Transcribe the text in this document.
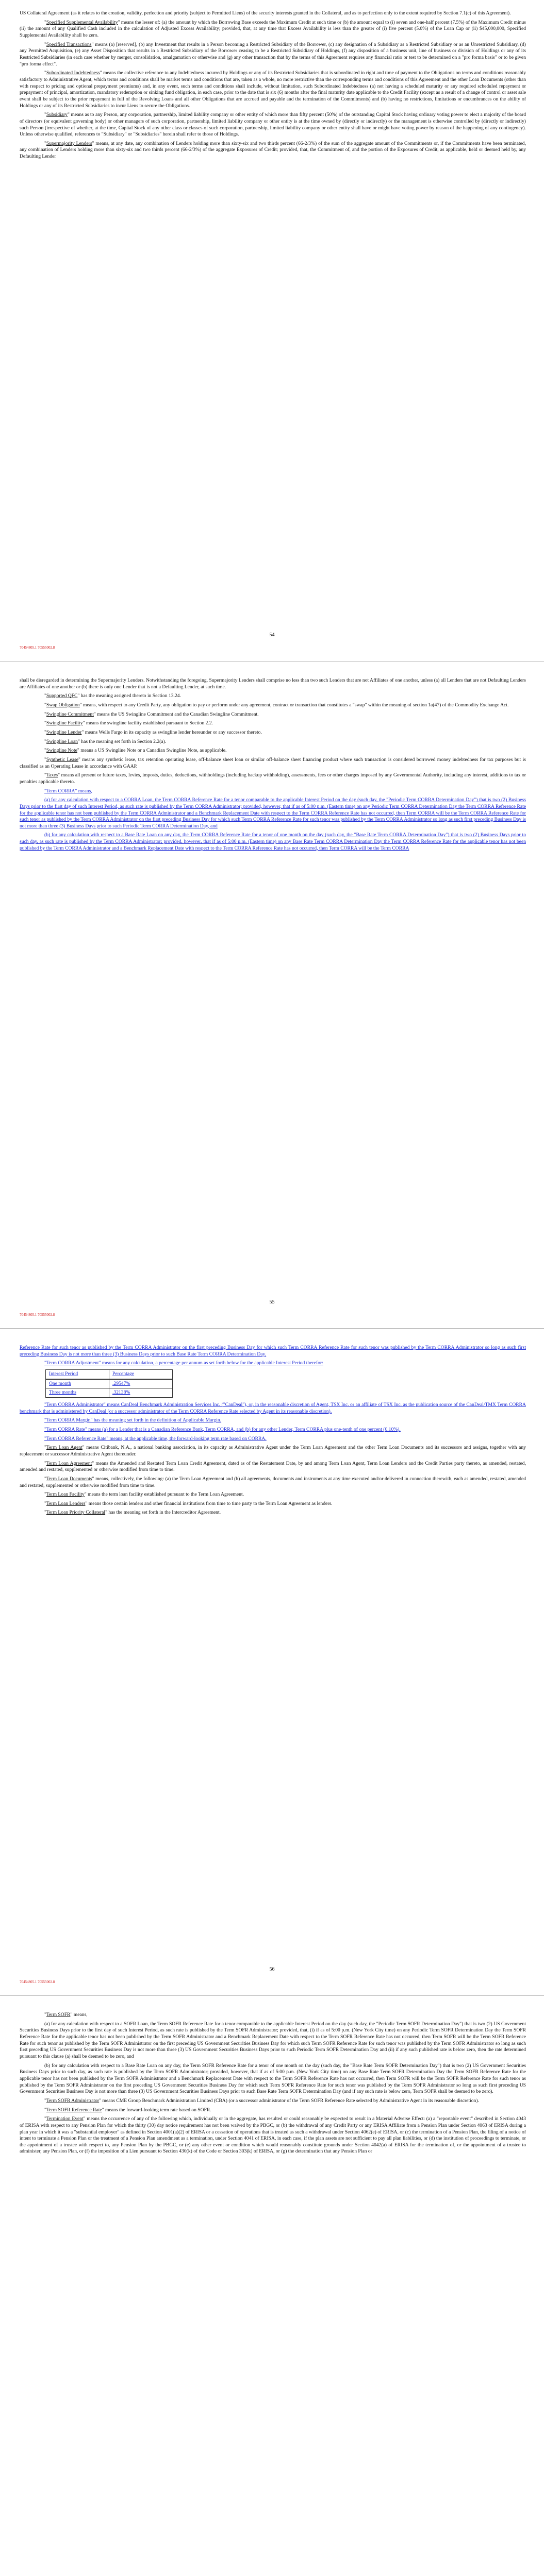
US Collateral Agreement (as it relates to the creation, validity, perfection and priority (subject to Permitted Liens) of the security interests granted in the Collateral, and as to perfection only to the extent required by Section 7.1(c) of this Agreement).

"Specified Supplemental Availability" means the lesser of: (a) the amount by which the Borrowing Base exceeds the Maximum Credit at such time or (b) the amount equal to (i) seven and one-half percent (7.5%) of the Maximum Credit minus (ii) the amount of any Qualified Cash included in the calculation of Adjusted Excess Availability; provided, that, at any time that Excess Availability is less than the greater of (i) five percent (5.0%) of the Loan Cap or (ii) $45,000,000, Specified Supplemental Availability shall be zero.

"Specified Transactions" means (a) [reserved], (b) any Investment that results in a Person becoming a Restricted Subsidiary of the Borrower, (c) any designation of a Subsidiary as a Restricted Subsidiary or as an Unrestricted Subsidiary, (d) any Permitted Acquisition, (e) any Asset Disposition that results in a Restricted Subsidiary of the Borrower ceasing to be a Restricted Subsidiary of Holdings, (f) any disposition of a business unit, line of business or division of Holdings or any of its Restricted Subsidiaries (in each case whether by merger, consolidation, amalgamation or otherwise and (g) any other transaction that by the terms of this Agreement requires any financial ratio or test to be determined on a "pro forma basis" or to be given "pro forma effect".

"Subordinated Indebtedness" means the collective reference to any Indebtedness incurred by Holdings or any of its Restricted Subsidiaries that is subordinated in right and time of payment to the Obligations on terms and conditions reasonably satisfactory to Administrative Agent, which terms and conditions shall be market terms and conditions that are, taken as a whole, no more restrictive than the corresponding terms and conditions of this Agreement and the other Loan Documents (other than with respect to pricing and optional prepayment premiums) and, in any event, such terms and conditions shall include, without limitation, such Subordinated Indebtedness (a) not having a scheduled maturity or any required scheduled repayment or prepayment of principal, amortization, mandatory redemption or sinking fund obligation, in each case, prior to the date that is six (6) months after the final maturity date applicable to the Credit Facility (except as a result of a change of control or asset sale event shall be subject to the prior repayment in full of the Revolving Loans and all other Obligations that are accrued and payable and the termination of the Commitments) and (b) having no restrictions, limitations or encumbrances on the ability of Holdings or any of its Restricted Subsidiaries to incur Liens to secure the Obligations.

"Subsidiary" means as to any Person, any corporation, partnership, limited liability company or other entity of which more than fifty percent (50%) of the outstanding Capital Stock having ordinary voting power to elect a majority of the board of directors (or equivalent governing body) or other managers of such corporation, partnership, limited liability company or other entity is at the time owned by (directly or indirectly) or the management is otherwise controlled by (directly or indirectly) such Person (irrespective of whether, at the time, Capital Stock of any other class or classes of such corporation, partnership, limited liability company or other entity shall have or might have voting power by reason of the happening of any contingency). Unless otherwise qualified, references to "Subsidiary" or "Subsidiaries" herein shall refer to those of Holdings.

"Supermajority Lenders" means, at any date, any combination of Lenders holding more than sixty-six and two thirds percent (66-2/3%) of the sum of the aggregate amount of the Commitments or, if the Commitments have been terminated, any combination of Lenders holding more than sixty-six and two thirds percent (66-2/3%) of the aggregate Exposures of Credit; provided, that, the Commitment of, and the portion of the Exposures of Credit, as applicable, held or deemed held by, any Defaulting Lender

54
70454805.1 70555002.8

shall be disregarded in determining the Supermajority Lenders. Notwithstanding the foregoing, Supermajority Lenders shall comprise no less than two such Lenders that are not Affiliates of one another, unless (a) all Lenders that are not Defaulting Lenders are Affiliates of one another or (b) there is only one Lender that is not a Defaulting Lender, at such time.

"Supported QFC" has the meaning assigned thereto in Section 13.24.

"Swap Obligation" means, with respect to any Credit Party, any obligation to pay or perform under any agreement, contract or transaction that constitutes a "swap" within the meaning of section 1a(47) of the Commodity Exchange Act.

"Swingline Commitment" means the US Swingline Commitment and the Canadian Swingline Commitment.

"Swingline Facility" means the swingline facility established pursuant to Section 2.2.

"Swingline Lender" means Wells Fargo in its capacity as swingline lender hereunder or any successor thereto.

"Swingline Loan" has the meaning set forth in Section 2.2(a).

"Swingline Note" means a US Swingline Note or a Canadian Swingline Note, as applicable.

"Synthetic Lease" means any synthetic lease, tax retention operating lease, off-balance sheet loan or similar off-balance sheet financing product where such transaction is considered borrowed money indebtedness for tax purposes but is classified as an Operating Lease in accordance with GAAP.

"Taxes" means all present or future taxes, levies, imposts, duties, deductions, withholdings (including backup withholding), assessments, fees or other charges imposed by any Governmental Authority, including any interest, additions to tax or penalties applicable thereto.

"Term CORRA" means,

(a) for any calculation with respect to a CORRA Loan, the Term CORRA Reference Rate for a tenor comparable to the applicable Interest Period on the day (such day, the "Periodic Term CORRA Determination Day") that is two (2) Business Days prior to the first day of such Interest Period, as such rate is published by the Term CORRA Administrator; provided, however, that if as of 5:00 p.m. (Eastern time) on any Periodic Term CORRA Determination Day the Term CORRA Reference Rate for the applicable tenor has not been published by the Term CORRA Administrator and a Benchmark Replacement Date with respect to the Term CORRA Reference Rate has not occurred, then Term CORRA will be the Term CORRA Reference Rate for such tenor as published by the Term CORRA Administrator on the first preceding Business Day for which such Term CORRA Reference Rate for such tenor was published by the Term CORRA Administrator so long as such first preceding Business Day is not more than three (3) Business Days prior to such Periodic Term CORRA Determination Day, and

(b) for any calculation with respect to a Base Rate Loan on any day, the Term CORRA Reference Rate for a tenor of one month on the day (such day, the "Base Rate Term CORRA Determination Day") that is two (2) Business Days prior to such day, as such rate is published by the Term CORRA Administrator; provided, however, that if as of 5:00 p.m. (Eastern time) on any Base Rate Term CORRA Determination Day the Term CORRA Reference Rate for the applicable tenor has not been published by the Term CORRA Administrator and a Benchmark Replacement Date with respect to the Term CORRA Reference Rate has not occurred, then Term CORRA will be the Term CORRA

55
70454805.1 70555002.8

Reference Rate for such tenor as published by the Term CORRA Administrator on the first preceding Business Day for which such Term CORRA Reference Rate for such tenor was published by the Term CORRA Administrator so long as such first preceding Business Day is not more than three (3) Business Days prior to such Base Rate Term CORRA Determination Day.

"Term CORRA Adjustment" means for any calculation, a percentage per annum as set forth below for the applicable Interest Period therefor:

Interest Period	Percentage
One month	.29547%
Three months	.32138%

"Term CORRA Administrator" means CanDeal Benchmark Administration Services Inc. ("CanDeal"), or, in the reasonable discretion of Agent, TSX Inc. or an affiliate of TSX Inc. as the publication source of the CanDeal/TMX Term CORRA benchmark that is administered by CanDeal (or a successor administrator of the Term CORRA Reference Rate selected by Agent in its reasonable discretion).

"Term CORRA Margin" has the meaning set forth in the definition of Applicable Margin.

"Term CORRA Rate" means (a) for a Lender that is a Canadian Reference Bank, Term CORRA, and (b) for any other Lender, Term CORRA plus one-tenth of one percent (0.10%).

"Term CORRA Reference Rate" means, at the applicable time, the forward-looking term rate based on CORRA.

"Term Loan Agent" means Citibank, N.A., a national banking association, in its capacity as Administrative Agent under the Term Loan Agreement and the other Term Loan Documents and its successors and assigns, together with any replacement or successor Administrative Agent thereunder.

"Term Loan Agreement" means the Amended and Restated Term Loan Credit Agreement, dated as of the Restatement Date, by and among Term Loan Agent, Term Loan Lenders and the Credit Parties party thereto, as amended, restated, amended and restated, supplemented or otherwise modified from time to time.

"Term Loan Documents" means, collectively, the following: (a) the Term Loan Agreement and (b) all agreements, documents and instruments at any time executed and/or delivered in connection therewith, each as amended, restated, amended and restated, supplemented or otherwise modified from time to time.

"Term Loan Facility" means the term loan facility established pursuant to the Term Loan Agreement.

"Term Loan Lenders" means those certain lenders and other financial institutions from time to time party to the Term Loan Agreement as lenders.

"Term Loan Priority Collateral" has the meaning set forth in the Intercreditor Agreement.

56
70454805.1 70555002.8

"Term SOFR" means,

(a) for any calculation with respect to a SOFR Loan, the Term SOFR Reference Rate for a tenor comparable to the applicable Interest Period on the day (such day, the "Periodic Term SOFR Determination Day") that is two (2) US Government Securities Business Days prior to the first day of such Interest Period, as such rate is published by the Term SOFR Administrator; provided, that, (i) if as of 5:00 p.m. (New York City time) on any Periodic Term SOFR Determination Day the Term SOFR Reference Rate for the applicable tenor has not been published by the Term SOFR Administrator and a Benchmark Replacement Date with respect to the Term SOFR Reference Rate has not occurred, then Term SOFR will be the Term SOFR Reference Rate for such tenor as published by the Term SOFR Administrator on the first preceding US Government Securities Business Day for which such Term SOFR Reference Rate for such tenor was published by the Term SOFR Administrator so long as such first preceding US Government Securities Business Day is not more than three (3) US Government Securities Business Days prior to such Periodic Term SOFR Determination Day and (ii) if any such published rate is below zero, then the rate determined pursuant to this clause (a) shall be deemed to be zero, and

(b) for any calculation with respect to a Base Rate Loan on any day, the Term SOFR Reference Rate for a tenor of one month on the day (such day, the "Base Rate Term SOFR Determination Day") that is two (2) US Government Securities Business Days prior to such day, as such rate is published by the Term SOFR Administrator; provided, however, that if as of 5:00 p.m. (New York City time) on any Base Rate Term SOFR Determination Day the Term SOFR Reference Rate for the applicable tenor has not been published by the Term SOFR Administrator and a Benchmark Replacement Date with respect to the Term SOFR Reference Rate has not occurred, then Term SOFR will be the Term SOFR Reference Rate for such tenor as published by the Term SOFR Administrator on the first preceding US Government Securities Business Day for which such Term SOFR Reference Rate for such tenor was published by the Term SOFR Administrator so long as such first preceding US Government Securities Business Day is not more than three (3) US Government Securities Business Days prior to such Base Rate Term SOFR Determination Day (and if any such rate is below zero, Term SOFR shall be deemed to be zero).

"Term SOFR Administrator" means CME Group Benchmark Administration Limited (CBA) (or a successor administrator of the Term SOFR Reference Rate selected by Administrative Agent in its reasonable discretion).

"Term SOFR Reference Rate" means the forward-looking term rate based on SOFR.

"Termination Event" means the occurrence of any of the following which, individually or in the aggregate, has resulted or could reasonably be expected to result in a Material Adverse Effect: (a) a "reportable event" described in Section 4043 of ERISA with respect to any Pension Plan for which the thirty (30) day notice requirement has not been waived by the PBGC, or (b) the withdrawal of any Credit Party or any ERISA Affiliate from a Pension Plan under Section 4063 of ERISA during a plan year in which it was a "substantial employer" as defined in Section 4001(a)(2) of ERISA or a cessation of operations that is treated as such a withdrawal under Section 4062(e) of ERISA, or (c) the termination of a Pension Plan, the filing of a notice of intent to terminate a Pension Plan or the treatment of a Pension Plan amendment as a termination, under Section 4041 of ERISA, in each case, if the plan assets are not sufficient to pay all plan liabilities, or (d) the institution of proceedings to terminate, or the appointment of a trustee with respect to, any Pension Plan by the PBGC, or (e) any other event or condition which would reasonably constitute grounds under Section 4042(a) of ERISA for the termination of, or the appointment of a trustee to administer, any Pension Plan, or (f) the imposition of a Lien pursuant to Section 430(k) of the Code or Section 303(k) of ERISA, or (g) the determination that any Pension Plan or
